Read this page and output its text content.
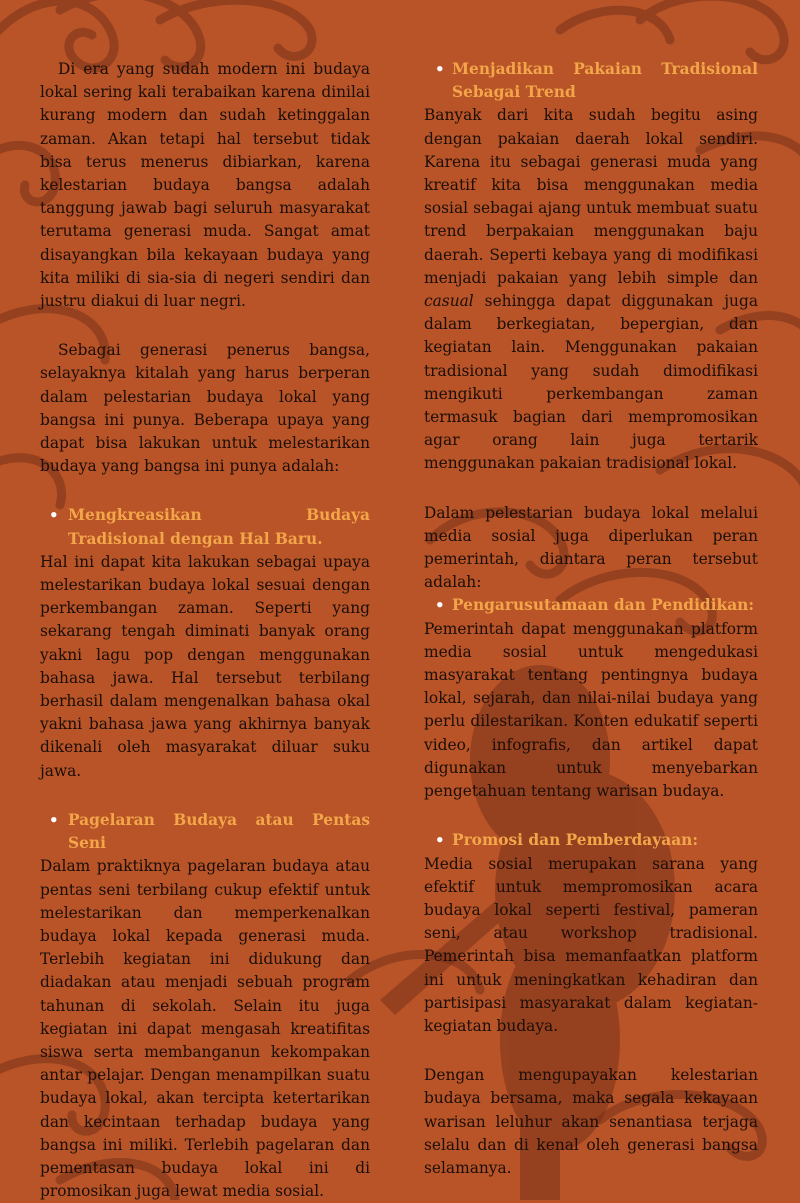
Di era yang sudah modern ini budaya lokal sering kali terabaikan karena dinilai kurang modern dan sudah ketinggalan zaman. Akan tetapi hal tersebut tidak bisa terus menerus dibiarkan, karena kelestarian budaya bangsa adalah tanggung jawab bagi seluruh masyarakat terutama generasi muda. Sangat amat disayangkan bila kekayaan budaya yang kita miliki di sia-sia di negeri sendiri dan justru diakui di luar negri.

Sebagai generasi penerus bangsa, selayaknya kitalah yang harus berperan dalam pelestarian budaya lokal yang bangsa ini punya. Beberapa upaya yang dapat bisa lakukan untuk melestarikan budaya yang bangsa ini punya adalah:

• Mengkreasikan Budaya Tradisional dengan Hal Baru.

Hal ini dapat kita lakukan sebagai upaya melestarikan budaya lokal sesuai dengan perkembangan zaman. Seperti yang sekarang tengah diminati banyak orang yakni lagu pop dengan menggunakan bahasa jawa. Hal tersebut terbilang berhasil dalam mengenalkan bahasa okal yakni bahasa jawa yang akhirnya banyak dikenali oleh masyarakat diluar suku jawa.

• Pagelaran Budaya atau Pentas Seni

Dalam praktiknya pagelaran budaya atau pentas seni terbilang cukup efektif untuk melestarikan dan memperkenalkan budaya lokal kepada generasi muda. Terlebih kegiatan ini didukung dan diadakan atau menjadi sebuah program tahunan di sekolah. Selain itu juga kegiatan ini dapat mengasah kreatifitas siswa serta membanganun kekompakan antar pelajar. Dengan menampilkan suatu budaya lokal, akan tercipta ketertarikan dan kecintaan terhadap budaya yang bangsa ini miliki. Terlebih pagelaran dan pementasan budaya lokal ini di promosikan juga lewat media sosial.

• Menjadikan Pakaian Tradisional Sebagai Trend

Banyak dari kita sudah begitu asing dengan pakaian daerah lokal sendiri. Karena itu sebagai generasi muda yang kreatif kita bisa menggunakan media sosial sebagai ajang untuk membuat suatu trend berpakaian menggunakan baju daerah. Seperti kebaya yang di modifikasi menjadi pakaian yang lebih simple dan casual sehingga dapat diggunakan juga dalam berkegiatan, bepergian, dan kegiatan lain. Menggunakan pakaian tradisional yang sudah dimodifikasi mengikuti perkembangan zaman termasuk bagian dari mempromosikan agar orang lain juga tertarik menggunakan pakaian tradisional lokal.

Dalam pelestarian budaya lokal melalui media sosial juga diperlukan peran pemerintah, diantara peran tersebut adalah:

• Pengarusutamaan dan Pendidikan:

Pemerintah dapat menggunakan platform media sosial untuk mengedukasi masyarakat tentang pentingnya budaya lokal, sejarah, dan nilai-nilai budaya yang perlu dilestarikan. Konten edukatif seperti video, infografis, dan artikel dapat digunakan untuk menyebarkan pengetahuan tentang warisan budaya.

• Promosi dan Pemberdayaan:

Media sosial merupakan sarana yang efektif untuk mempromosikan acara budaya lokal seperti festival, pameran seni, atau workshop tradisional. Pemerintah bisa memanfaatkan platform ini untuk meningkatkan kehadiran dan partisipasi masyarakat dalam kegiatan-kegiatan budaya.

Dengan mengupayakan kelestarian budaya bersama, maka segala kekayaan warisan leluhur akan senantiasa terjaga selalu dan di kenal oleh generasi bangsa selamanya.
